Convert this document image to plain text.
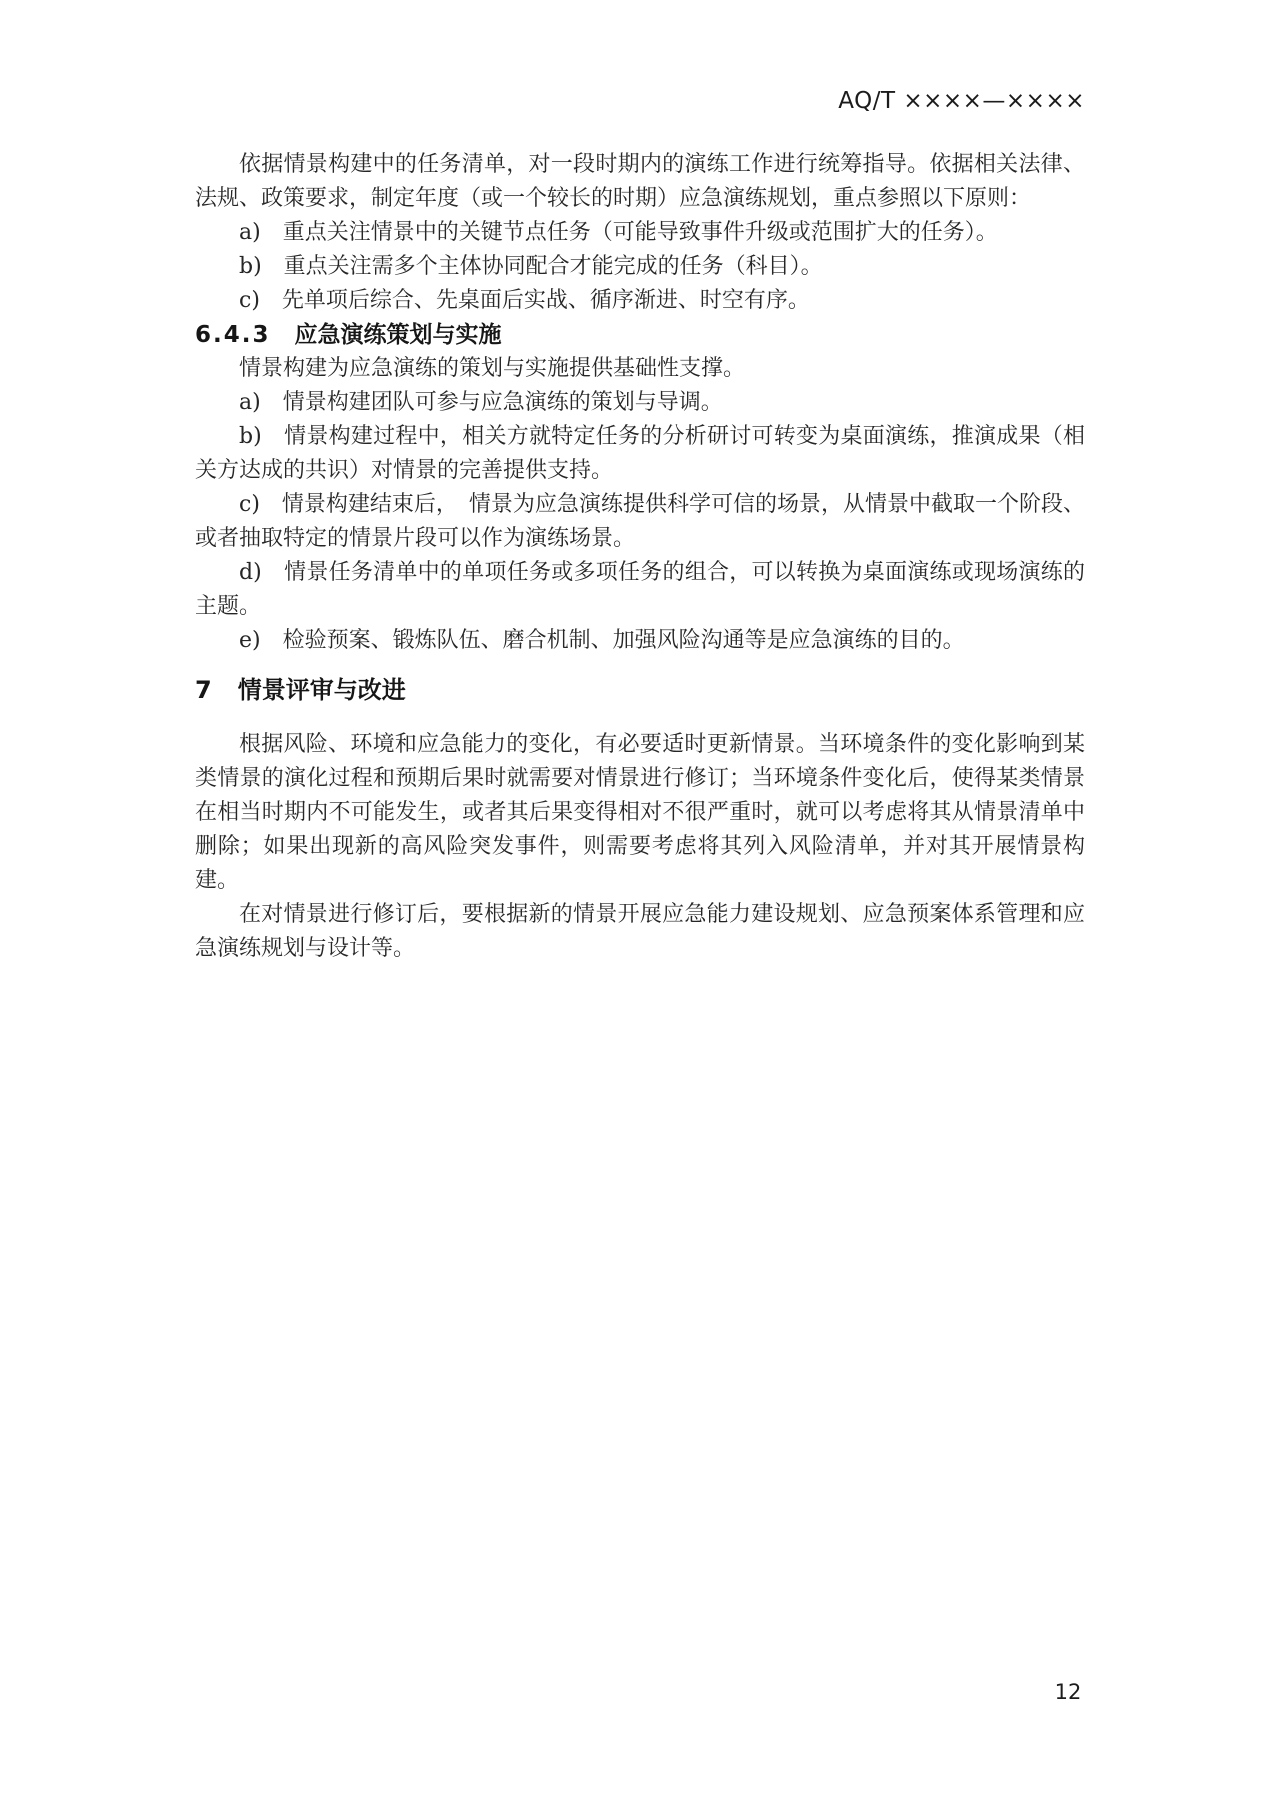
AQ/T ××××—××××

依据情景构建中的任务清单，对一段时期内的演练工作进行统筹指导。依据相关法律、法规、政策要求，制定年度（或一个较长的时期）应急演练规划，重点参照以下原则：

a)　重点关注情景中的关键节点任务（可能导致事件升级或范围扩大的任务）。

b)　重点关注需多个主体协同配合才能完成的任务（科目）。

c)　先单项后综合、先桌面后实战、循序渐进、时空有序。

6.4.3 应急演练策划与实施

情景构建为应急演练的策划与实施提供基础性支撑。

a)　情景构建团队可参与应急演练的策划与导调。

b)　情景构建过程中，相关方就特定任务的分析研讨可转变为桌面演练，推演成果（相关方达成的共识）对情景的完善提供支持。

c)　情景构建结束后，　情景为应急演练提供科学可信的场景，从情景中截取一个阶段、或者抽取特定的情景片段可以作为演练场景。

d)　情景任务清单中的单项任务或多项任务的组合，可以转换为桌面演练或现场演练的主题。

e)　检验预案、锻炼队伍、磨合机制、加强风险沟通等是应急演练的目的。

7 情景评审与改进

根据风险、环境和应急能力的变化，有必要适时更新情景。当环境条件的变化影响到某类情景的演化过程和预期后果时就需要对情景进行修订；当环境条件变化后，使得某类情景在相当时期内不可能发生，或者其后果变得相对不很严重时，就可以考虑将其从情景清单中删除；如果出现新的高风险突发事件，则需要考虑将其列入风险清单，并对其开展情景构建。

在对情景进行修订后，要根据新的情景开展应急能力建设规划、应急预案体系管理和应急演练规划与设计等。

12
